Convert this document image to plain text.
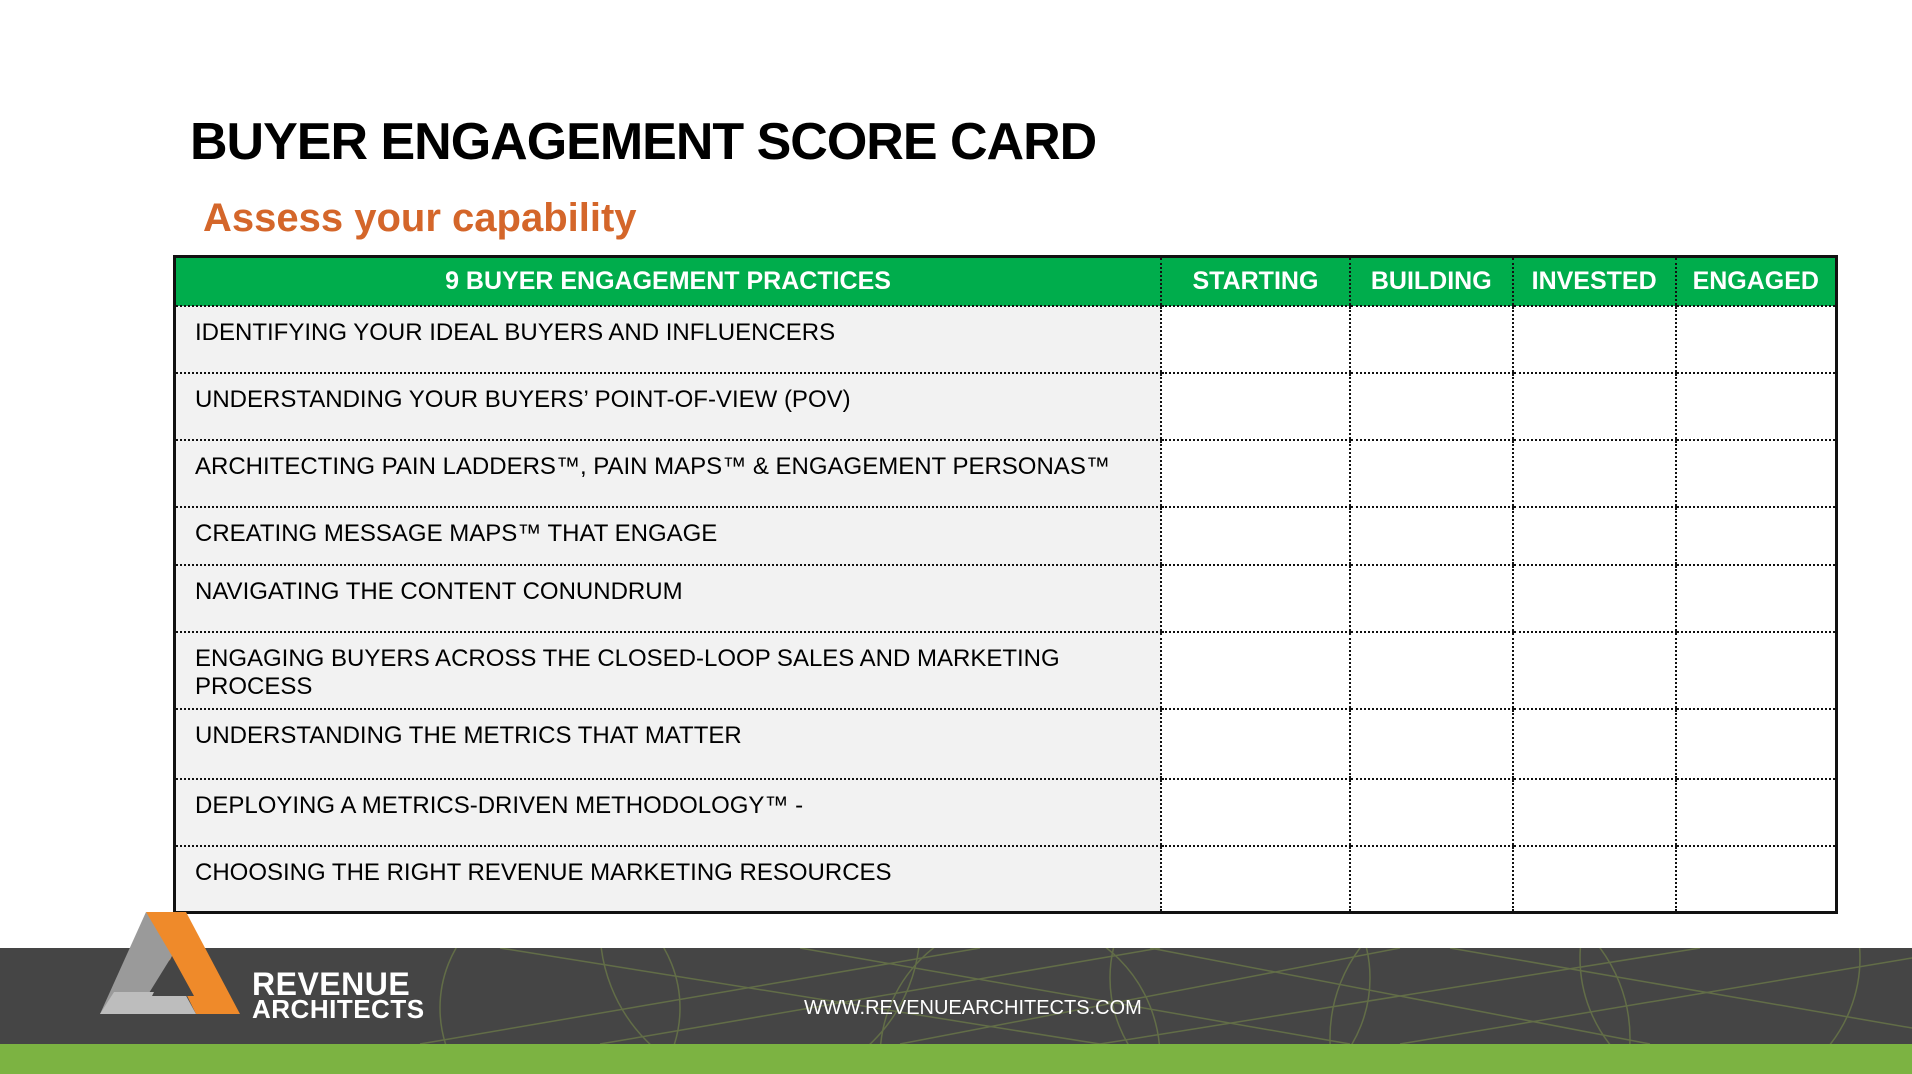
BUYER ENGAGEMENT SCORE CARD
Assess your capability
9 BUYER ENGAGEMENT PRACTICES	STARTING	BUILDING	INVESTED	ENGAGED
IDENTIFYING YOUR IDEAL BUYERS AND INFLUENCERS				
UNDERSTANDING YOUR BUYERS’ POINT-OF-VIEW (POV)				
ARCHITECTING PAIN LADDERS™, PAIN MAPS™ & ENGAGEMENT PERSONAS™				
CREATING MESSAGE MAPS™ THAT ENGAGE				
NAVIGATING THE CONTENT CONUNDRUM				
ENGAGING BUYERS ACROSS THE CLOSED-LOOP SALES AND MARKETING PROCESS				
UNDERSTANDING THE METRICS THAT MATTER				
DEPLOYING A METRICS-DRIVEN METHODOLOGY™ -				
CHOOSING THE RIGHT REVENUE MARKETING RESOURCES				
REVENUE
ARCHITECTS	WWW.REVENUEARCHITECTS.COM
